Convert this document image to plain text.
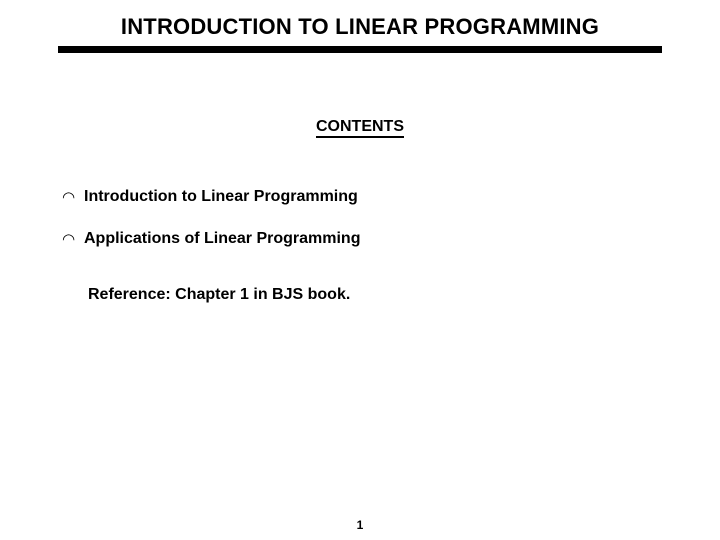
INTRODUCTION TO LINEAR PROGRAMMING
CONTENTS
◠ Introduction to Linear Programming
◠ Applications of Linear Programming
Reference: Chapter 1 in BJS book.
1
